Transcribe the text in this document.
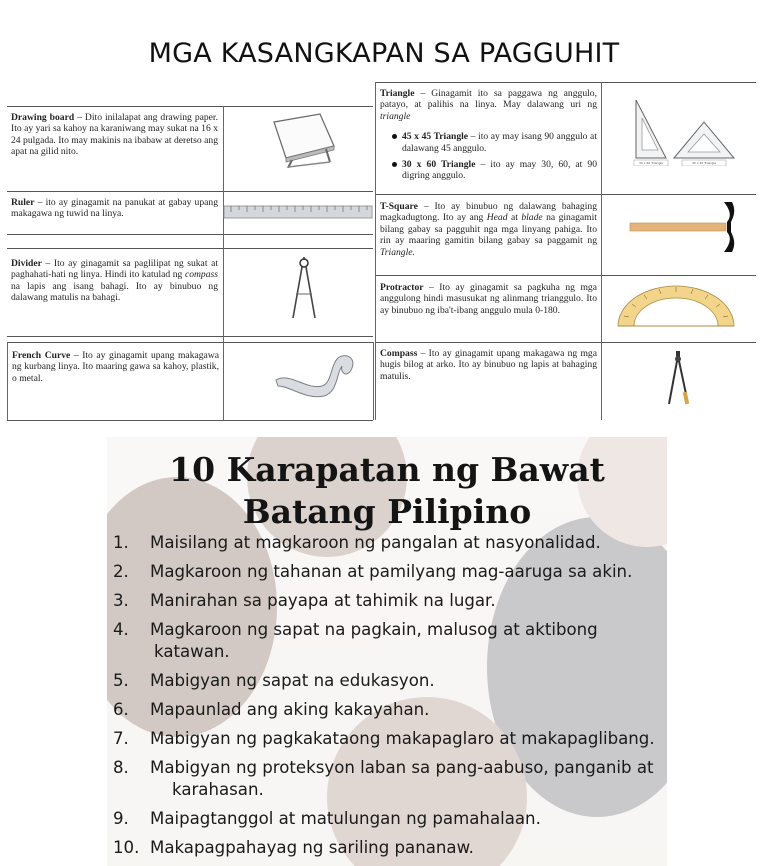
MGA KASANGKAPAN SA PAGGUHIT
Drawing board – Dito inilalapat ang drawing paper. Ito ay yari sa kahoy na karaniwang may sukat na 16 x 24 pulgada. Ito may makinis na ibabaw at deretso ang apat na gilid nito.
Ruler – ito ay ginagamit na panukat at gabay upang makagawa ng tuwid na linya.
Divider – Ito ay ginagamit sa paglilipat ng sukat at paghahati-hati ng linya. Hindi ito katulad ng compass na lapis ang isang bahagi. Ito ay binubuo ng dalawang matulis na bahagi.
French Curve – Ito ay ginagamit upang makagawa ng kurbang linya. Ito maaring gawa sa kahoy, plastik, o metal.
Triangle – Ginagamit ito sa paggawa ng anggulo, patayo, at palihis na linya. May dalawang uri ng triangle
45 x 45 Triangle – ito ay may isang 90 anggulo at dalawang 45 anggulo.
30 x 60 Triangle – ito ay may 30, 60, at 90 digring anggulo.
30 x 60 Triangle	45 x 45 Triangle
T-Square – Ito ay binubuo ng dalawang bahaging magkadugtong. Ito ay ang Head at blade na ginagamit bilang gabay sa pagguhit nga mga linyang pahiga. Ito rin ay maaring gamitin bilang gabay sa paggamit ng Triangle.
Protractor – Ito ay ginagamit sa pagkuha ng mga anggulong hindi masusukat ng alinmang trianggulo. Ito ay binubuo ng iba't-ibang anggulo mula 0-180.
Compass – Ito ay ginagamit upang makagawa ng mga hugis bilog at arko. Ito ay binubuo ng lapis at bahaging matulis.
10 Karapatan ng Bawat
Batang Pilipino
1.	Maisilang at magkaroon ng pangalan at nasyonalidad.
2.	Magkaroon ng tahanan at pamilyang mag-aaruga sa akin.
3.	Manirahan sa payapa at tahimik na lugar.
4.	Magkaroon ng sapat na pagkain, malusog at aktibong
katawan.
5.	Mabigyan ng sapat na edukasyon.
6.	Mapaunlad ang aking kakayahan.
7.	Mabigyan ng pagkakataong makapaglaro at makapaglibang.
8.	Mabigyan ng proteksyon laban sa pang-aabuso, panganib at
karahasan.
9.	Maipagtanggol at matulungan ng pamahalaan.
10. Makapagpahayag ng sariling pananaw.
